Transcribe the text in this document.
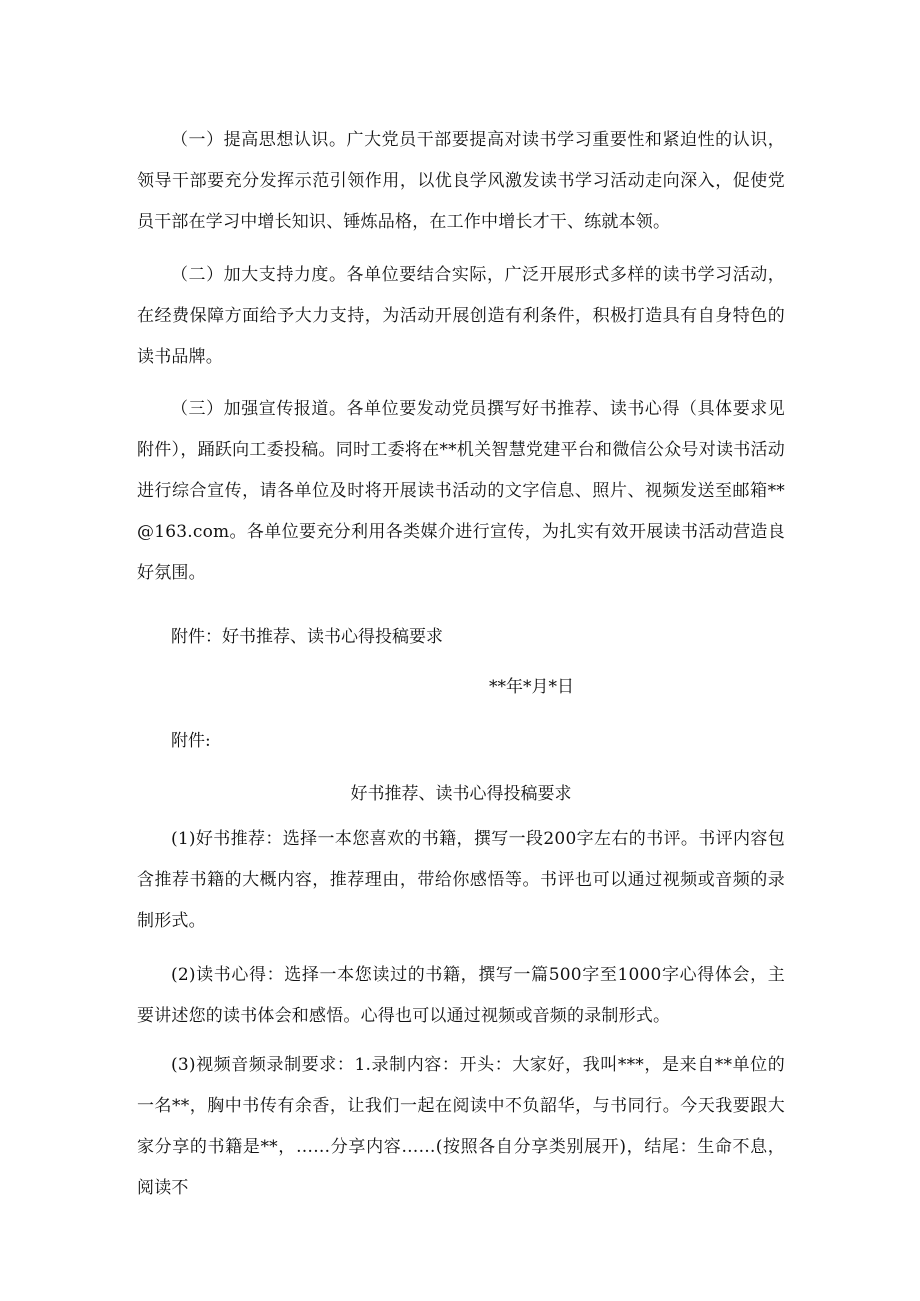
（一）提高思想认识。广大党员干部要提高对读书学习重要性和紧迫性的认识，领导干部要充分发挥示范引领作用，以优良学风激发读书学习活动走向深入，促使党员干部在学习中增长知识、锤炼品格，在工作中增长才干、练就本领。

（二）加大支持力度。各单位要结合实际，广泛开展形式多样的读书学习活动，在经费保障方面给予大力支持，为活动开展创造有利条件，积极打造具有自身特色的读书品牌。

（三）加强宣传报道。各单位要发动党员撰写好书推荐、读书心得（具体要求见附件），踊跃向工委投稿。同时工委将在**机关智慧党建平台和微信公众号对读书活动进行综合宣传，请各单位及时将开展读书活动的文字信息、照片、视频发送至邮箱**@163.com。各单位要充分利用各类媒介进行宣传，为扎实有效开展读书活动营造良好氛围。

附件：好书推荐、读书心得投稿要求

**年*月*日

附件:

好书推荐、读书心得投稿要求

(1)好书推荐：选择一本您喜欢的书籍，撰写一段200字左右的书评。书评内容包含推荐书籍的大概内容，推荐理由，带给你感悟等。书评也可以通过视频或音频的录制形式。

(2)读书心得：选择一本您读过的书籍，撰写一篇500字至1000字心得体会，主要讲述您的读书体会和感悟。心得也可以通过视频或音频的录制形式。

(3)视频音频录制要求：1.录制内容：开头：大家好，我叫***，是来自**单位的一名**，胸中书传有余香，让我们一起在阅读中不负韶华，与书同行。今天我要跟大家分享的书籍是**，……分享内容……(按照各自分享类别展开)，结尾：生命不息，阅读不
